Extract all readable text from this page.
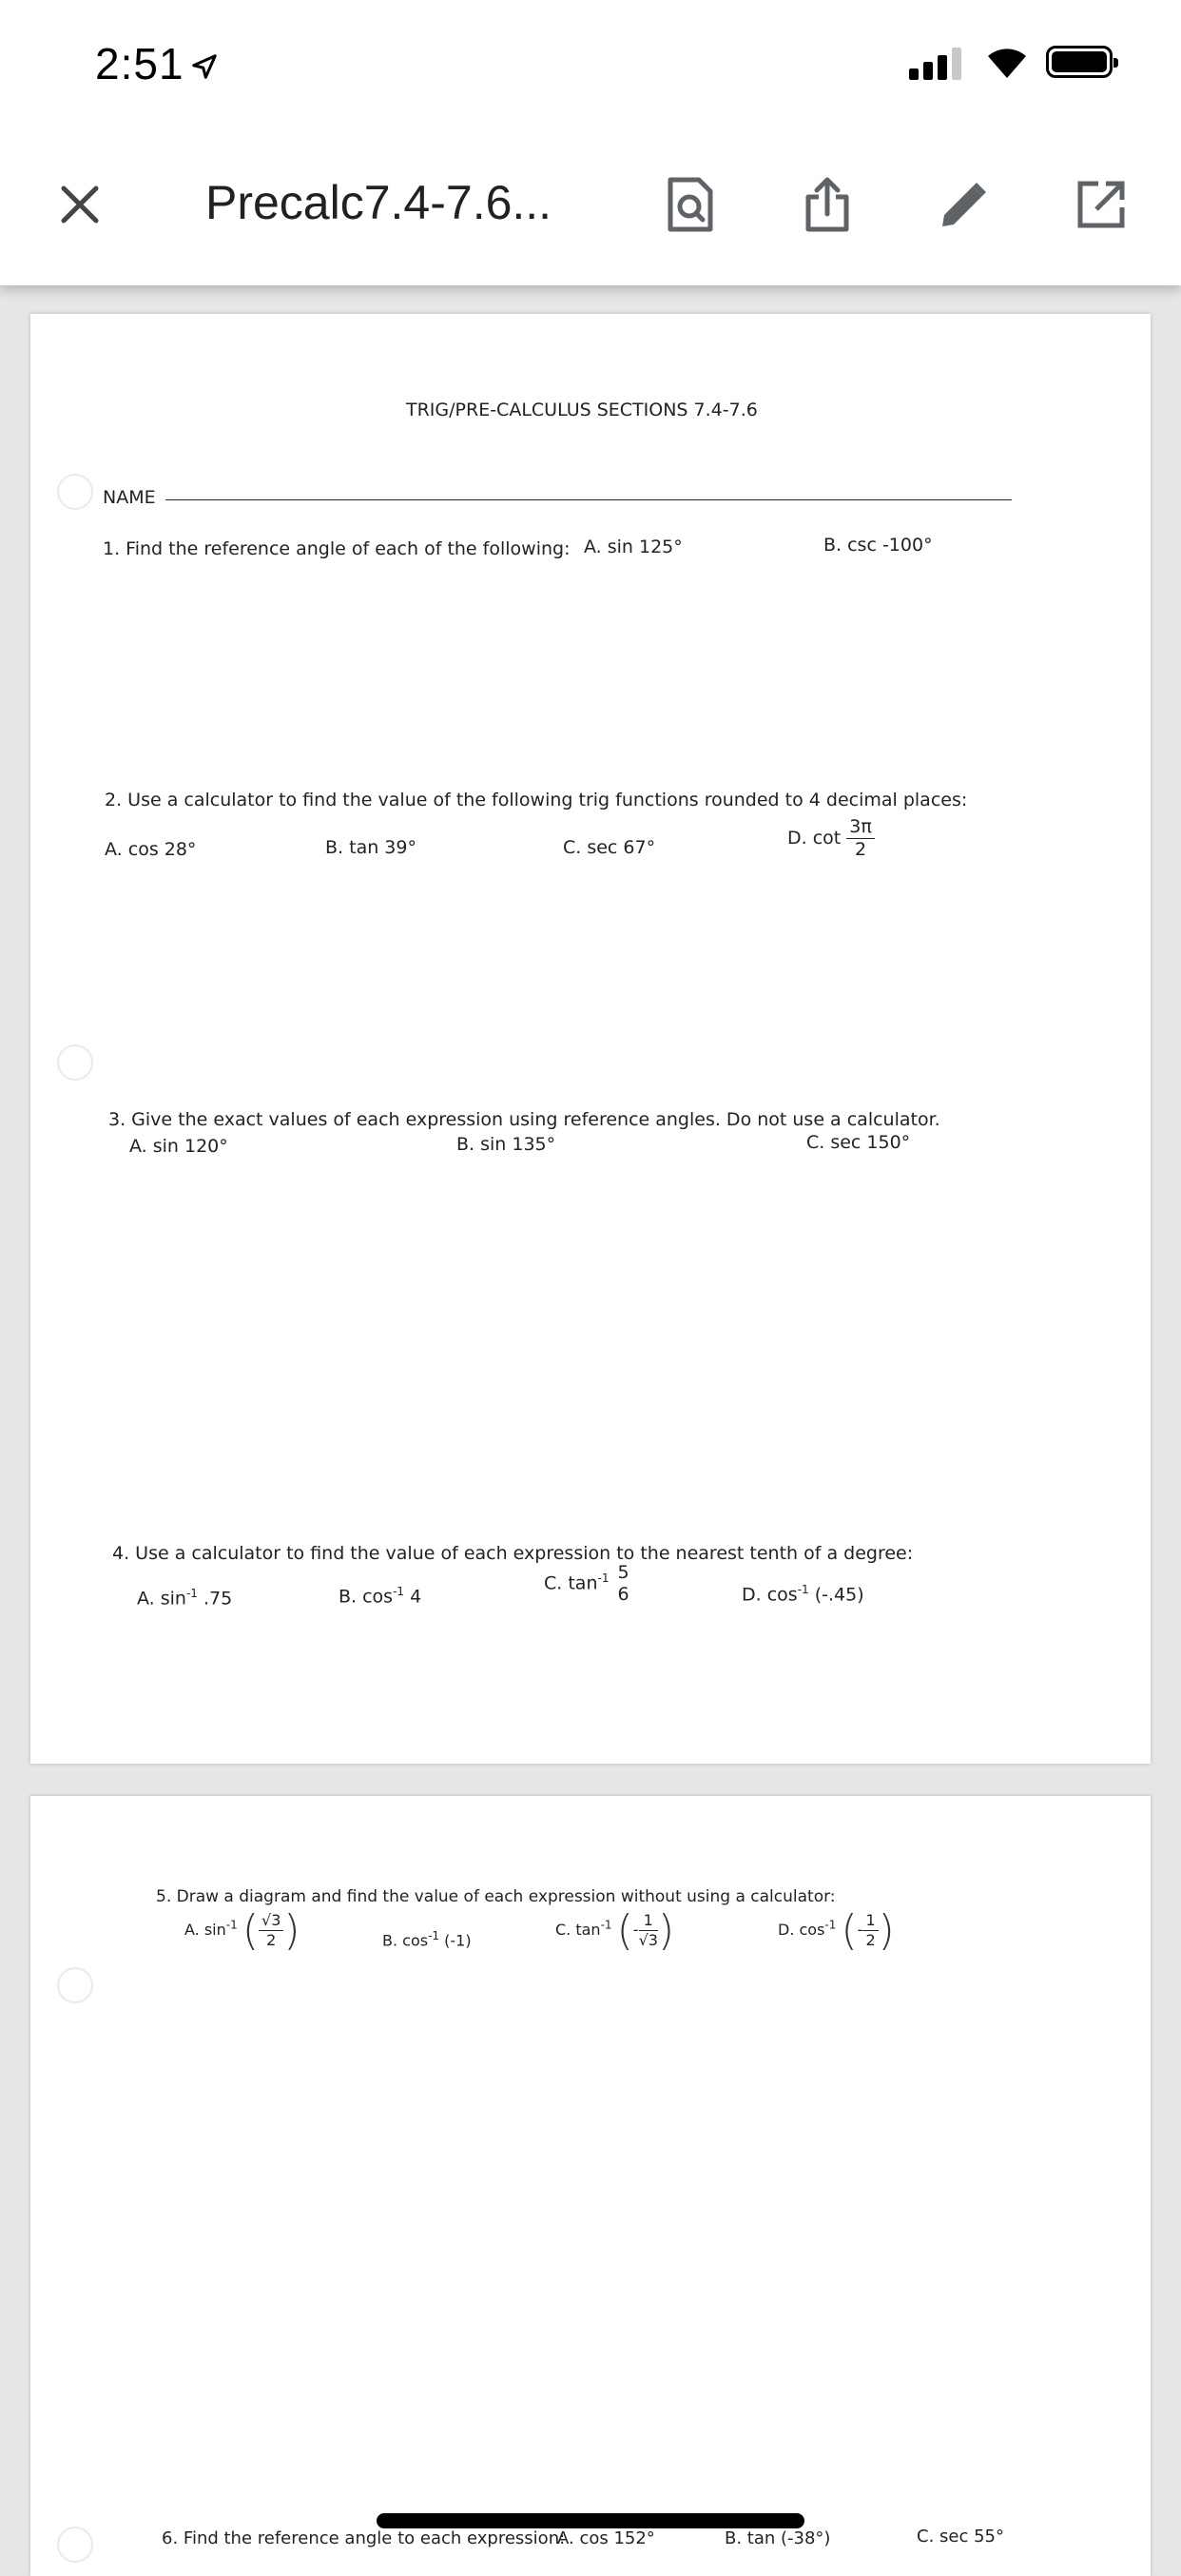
2:51
Precalc7.4-7.6...
TRIG/PRE-CALCULUS SECTIONS 7.4-7.6
NAME
1. Find the reference angle of each of the following: A. sin 125°	B. csc -100°
2. Use a calculator to find the value of the following trig functions rounded to 4 decimal places:
A. cos 28°	B. tan 39°	C. sec 67°	D. $\cot \frac{3\pi}{2}$
3. Give the exact values of each expression using reference angles. Do not use a calculator.
A. sin 120°	B. sin 135°	C. sec 150°
4. Use a calculator to find the value of each expression to the nearest tenth of a degree:
A. $\sin^{-1} .75$	B. $\cos^{-1} 4$
C. $\tan^{-1} 5$
6	D. $\cos^{-1} (-.45)$
5. Draw a diagram and find the value of each expression without using a calculator:
A. $\sin^{-1}$ ( $\frac{√3}{2}$ )	B. $\cos^{-1} (-1)$
C. $\tan^{-1}$ (- $\frac{1}{√3}$ )	D. $\cos^{-1}$ (- $\frac{1}{2}$ )
6. Find the reference angle to each expression:
A. cos 152°	B. tan (-38°)	C. sec 55°
